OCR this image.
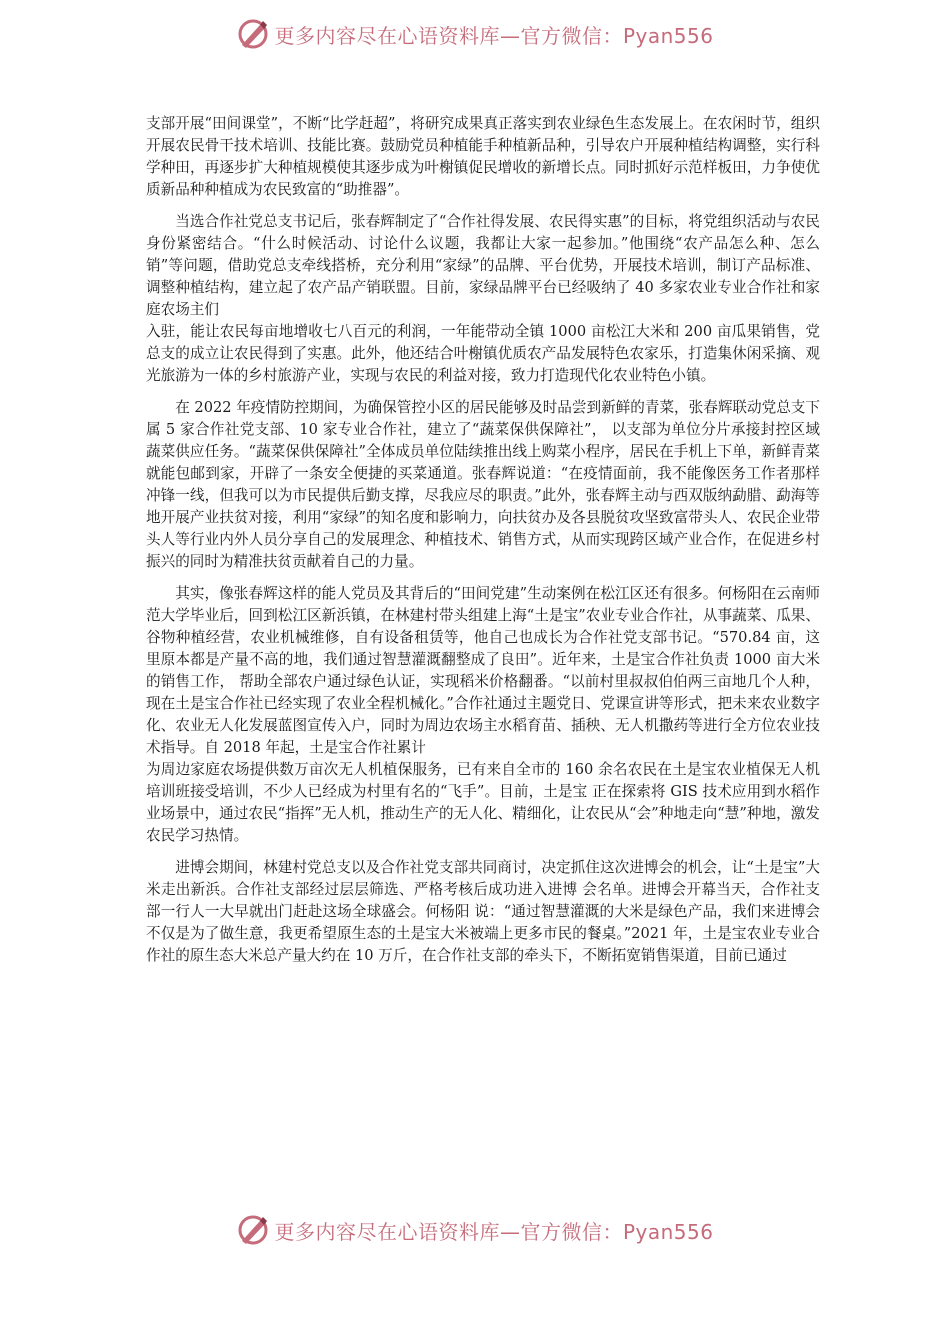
更多内容尽在心语资料库—官方微信：Pyan556

支部开展“田间课堂”，不断“比学赶超”，将研究成果真正落实到农业绿色生态发展上。在农闲时节，组织开展农民骨干技术培训、技能比赛。鼓励党员种植能手种植新品种，引导农户开展种植结构调整，实行科学种田，再逐步扩大种植规模使其逐步成为叶榭镇促民增收的新增长点。同时抓好示范样板田，力争使优质新品种种植成为农民致富的“助推器”。

当选合作社党总支书记后，张春辉制定了“合作社得发展、农民得实惠”的目标，将党组织活动与农民身份紧密结合。“什么时候活动、讨论什么议题，我都让大家一起参加。”他围绕“农产品怎么种、怎么销”等问题，借助党总支牵线搭桥，充分利用“家绿”的品牌、平台优势，开展技术培训，制订产品标准、调整种植结构，建立起了农产品产销联盟。目前，家绿品牌平台已经吸纳了 40 多家农业专业合作社和家庭农场主们
入驻，能让农民每亩地增收七八百元的利润，一年能带动全镇 1000 亩松江大米和 200 亩瓜果销售，党总支的成立让农民得到了实惠。此外，他还结合叶榭镇优质农产品发展特色农家乐，打造集休闲采摘、观光旅游为一体的乡村旅游产业，实现与农民的利益对接，致力打造现代化农业特色小镇。

在 2022 年疫情防控期间，为确保管控小区的居民能够及时品尝到新鲜的青菜，张春辉联动党总支下属 5 家合作社党支部、10 家专业合作社，建立了“蔬菜保供保障社”， 以支部为单位分片承接封控区域蔬菜供应任务。“蔬菜保供保障社”全体成员单位陆续推出线上购菜小程序，居民在手机上下单，新鲜青菜就能包邮到家，开辟了一条安全便捷的买菜通道。张春辉说道：“在疫情面前，我不能像医务工作者那样冲锋一线，但我可以为市民提供后勤支撑，尽我应尽的职责。”此外，张春辉主动与西双版纳勐腊、勐海等地开展产业扶贫对接，利用“家绿”的知名度和影响力，向扶贫办及各县脱贫攻坚致富带头人、农民企业带头人等行业内外人员分享自己的发展理念、种植技术、销售方式，从而实现跨区域产业合作，在促进乡村振兴的同时为精准扶贫贡献着自己的力量。

其实，像张春辉这样的能人党员及其背后的“田间党建”生动案例在松江区还有很多。何杨阳在云南师范大学毕业后，回到松江区新浜镇，在林建村带头组建上海“土是宝”农业专业合作社，从事蔬菜、瓜果、谷物种植经营，农业机械维修，自有设备租赁等，他自己也成长为合作社党支部书记。“570.84 亩，这里原本都是产量不高的地，我们通过智慧灌溉翻整成了良田”。近年来，土是宝合作社负责 1000 亩大米的销售工作， 帮助全部农户通过绿色认证，实现稻米价格翻番。“以前村里叔叔伯伯两三亩地几个人种，现在土是宝合作社已经实现了农业全程机械化。”合作社通过主题党日、党课宣讲等形式，把未来农业数字化、农业无人化发展蓝图宣传入户，同时为周边农场主水稻育苗、插秧、无人机撒药等进行全方位农业技术指导。自 2018 年起，土是宝合作社累计
为周边家庭农场提供数万亩次无人机植保服务，已有来自全市的 160 余名农民在土是宝农业植保无人机培训班接受培训，不少人已经成为村里有名的“飞手”。目前，土是宝 正在探索将 GIS 技术应用到水稻作业场景中，通过农民“指挥”无人机，推动生产的无人化、精细化，让农民从“会”种地走向“慧”种地，激发农民学习热情。

进博会期间，林建村党总支以及合作社党支部共同商讨，决定抓住这次进博会的机会，让“土是宝”大米走出新浜。合作社支部经过层层筛选、严格考核后成功进入进博 会名单。进博会开幕当天，合作社支部一行人一大早就出门赶赴这场全球盛会。何杨阳 说：“通过智慧灌溉的大米是绿色产品，我们来进博会不仅是为了做生意，我更希望原生态的土是宝大米被端上更多市民的餐桌。”2021 年，土是宝农业专业合作社的原生态大米总产量大约在 10 万斤，在合作社支部的牵头下，不断拓宽销售渠道，目前已通过

更多内容尽在心语资料库—官方微信：Pyan556
